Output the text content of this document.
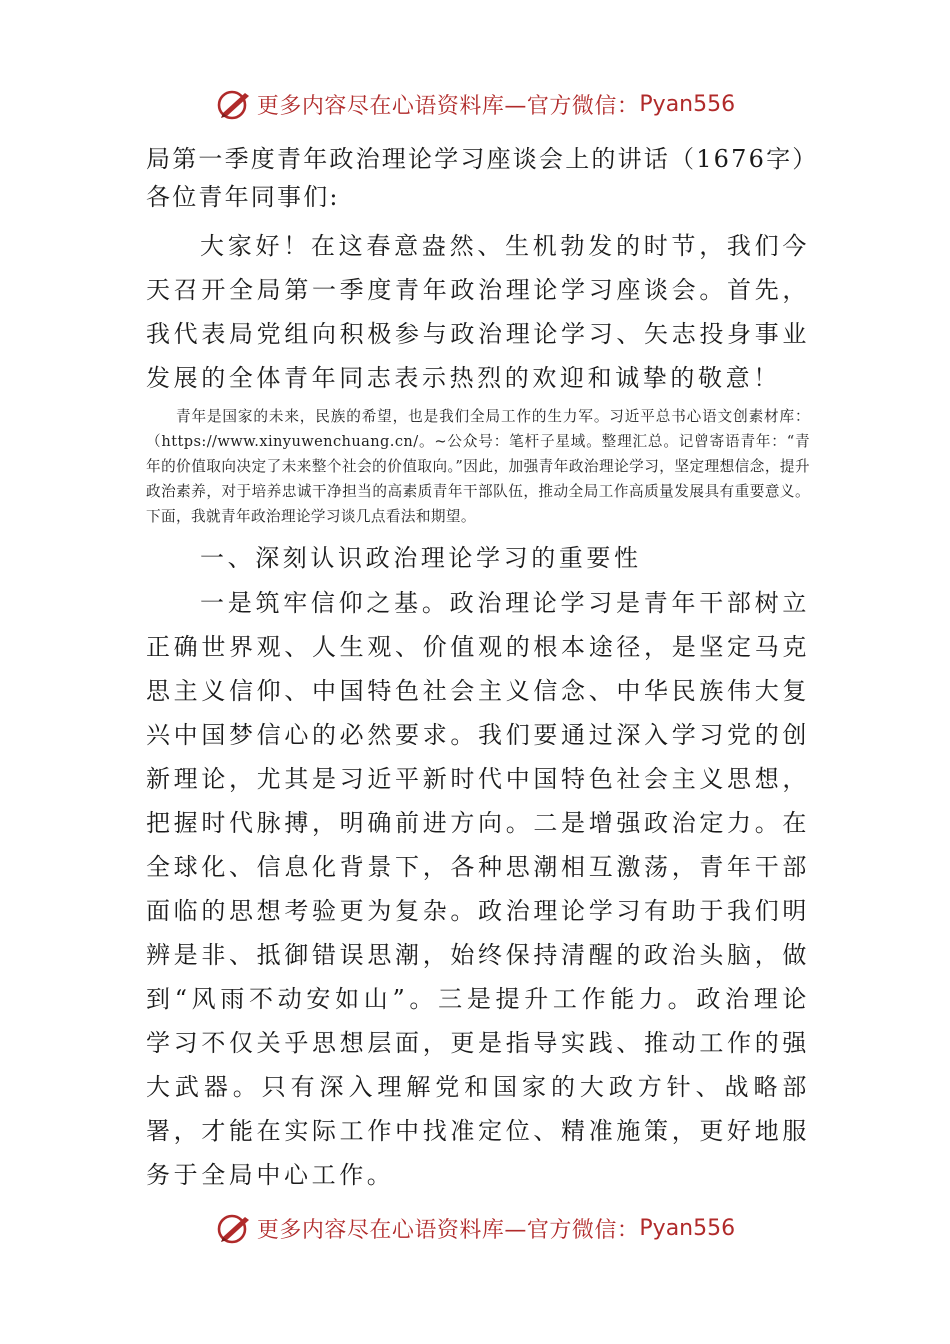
更多内容尽在心语资料库—官方微信： Pyan556

局第一季度青年政治理论学习座谈会上的讲话（1676字）

各位青年同事们:

大家好！在这春意盎然、生机勃发的时节，我们今天召开全局第一季度青年政治理论学习座谈会。首先，我代表局党组向积极参与政治理论学习、矢志投身事业发展的全体青年同志表示热烈的欢迎和诚挚的敬意！

青年是国家的未来，民族的希望，也是我们全局工作的生力军。习近平总书心语文创素材库：（https://www.xinyuwenchuang.cn/。~公众号：笔杆子星域。整理汇总。记曾寄语青年：“青年的价值取向决定了未来整个社会的价值取向。”因此，加强青年政治理论学习，坚定理想信念，提升政治素养，对于培养忠诚干净担当的高素质青年干部队伍，推动全局工作高质量发展具有重要意义。下面，我就青年政治理论学习谈几点看法和期望。

一、深刻认识政治理论学习的重要性

一是筑牢信仰之基。政治理论学习是青年干部树立正确世界观、人生观、价值观的根本途径，是坚定马克思主义信仰、中国特色社会主义信念、中华民族伟大复兴中国梦信心的必然要求。我们要通过深入学习党的创新理论，尤其是习近平新时代中国特色社会主义思想，把握时代脉搏，明确前进方向。二是增强政治定力。在全球化、信息化背景下，各种思潮相互激荡，青年干部面临的思想考验更为复杂。政治理论学习有助于我们明辨是非、抵御错误思潮，始终保持清醒的政治头脑，做到“风雨不动安如山”。三是提升工作能力。政治理论学习不仅关乎思想层面，更是指导实践、推动工作的强大武器。只有深入理解党和国家的大政方针、战略部署，才能在实际工作中找准定位、精准施策，更好地服务于全局中心工作。

更多内容尽在心语资料库—官方微信： Pyan556
